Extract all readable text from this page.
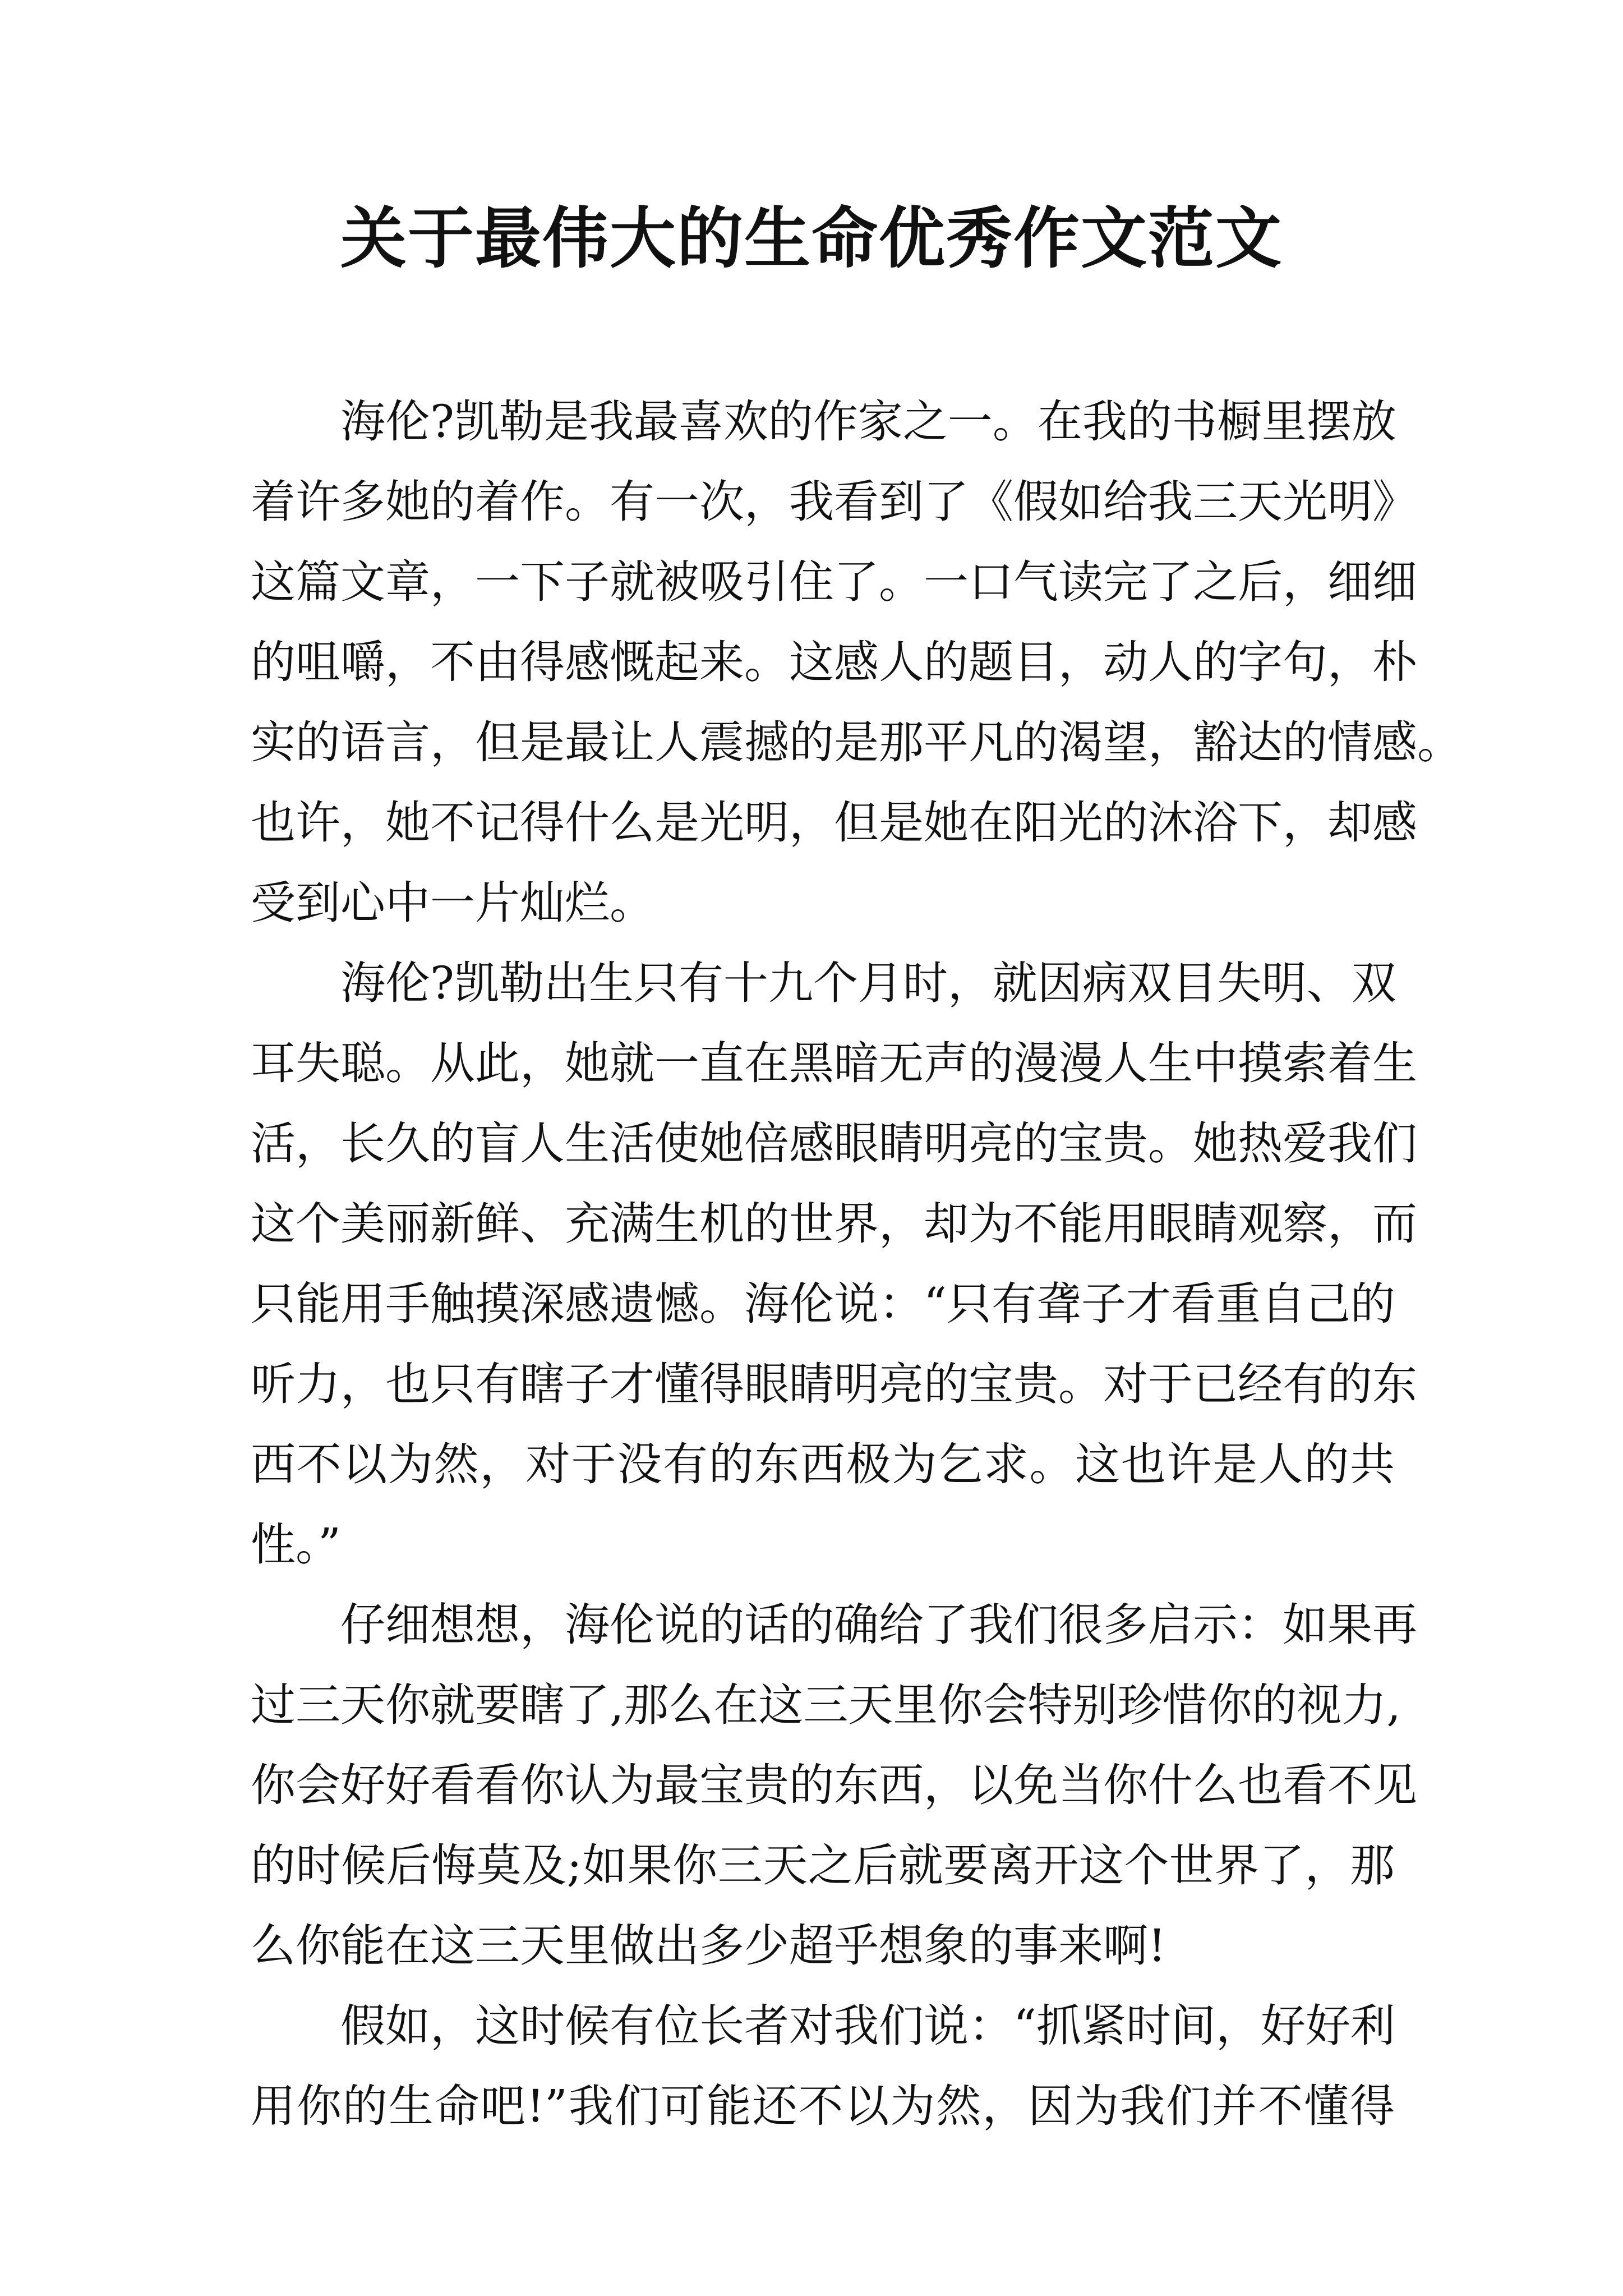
关于最伟大的生命优秀作文范文
海伦?凯勒是我最喜欢的作家之一。在我的书橱里摆放
着许多她的着作。有一次，我看到了《假如给我三天光明》
这篇文章，一下子就被吸引住了。一口气读完了之后，细细
的咀嚼，不由得感慨起来。这感人的题目，动人的字句，朴
实的语言，但是最让人震撼的是那平凡的渴望，豁达的情感。
也许，她不记得什么是光明，但是她在阳光的沐浴下，却感
受到心中一片灿烂。
海伦?凯勒出生只有十九个月时，就因病双目失明、双
耳失聪。从此，她就一直在黑暗无声的漫漫人生中摸索着生
活，长久的盲人生活使她倍感眼睛明亮的宝贵。她热爱我们
这个美丽新鲜、充满生机的世界，却为不能用眼睛观察，而
只能用手触摸深感遗憾。海伦说：“只有聋子才看重自己的
听力，也只有瞎子才懂得眼睛明亮的宝贵。对于已经有的东
西不以为然，对于没有的东西极为乞求。这也许是人的共
性。”
仔细想想，海伦说的话的确给了我们很多启示：如果再
过三天你就要瞎了,那么在这三天里你会特别珍惜你的视力,
你会好好看看你认为最宝贵的东西，以免当你什么也看不见
的时候后悔莫及;如果你三天之后就要离开这个世界了，那
么你能在这三天里做出多少超乎想象的事来啊!
假如，这时候有位长者对我们说：“抓紧时间，好好利
用你的生命吧!”我们可能还不以为然，因为我们并不懂得
